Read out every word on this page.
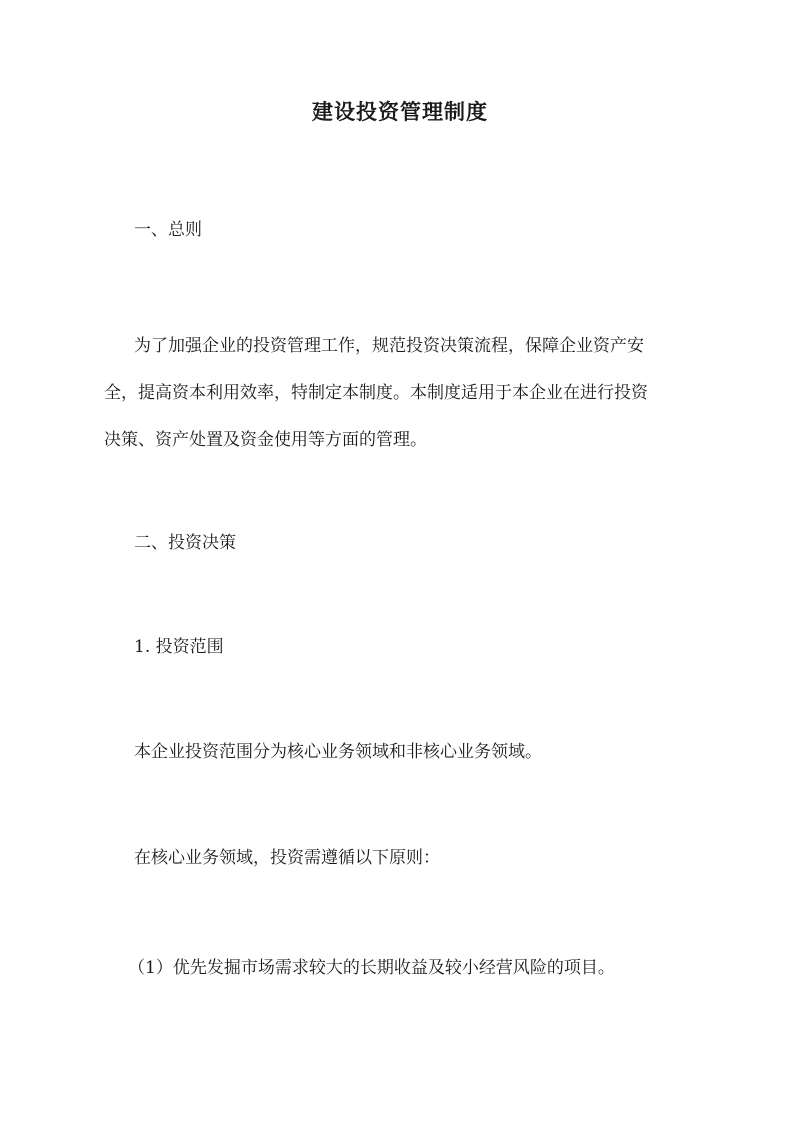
建设投资管理制度
一、总则
为了加强企业的投资管理工作，规范投资决策流程，保障企业资产安
全，提高资本利用效率，特制定本制度。本制度适用于本企业在进行投资
决策、资产处置及资金使用等方面的管理。
二、投资决策
1. 投资范围
本企业投资范围分为核心业务领域和非核心业务领域。
在核心业务领域，投资需遵循以下原则：
（1）优先发掘市场需求较大的长期收益及较小经营风险的项目。
